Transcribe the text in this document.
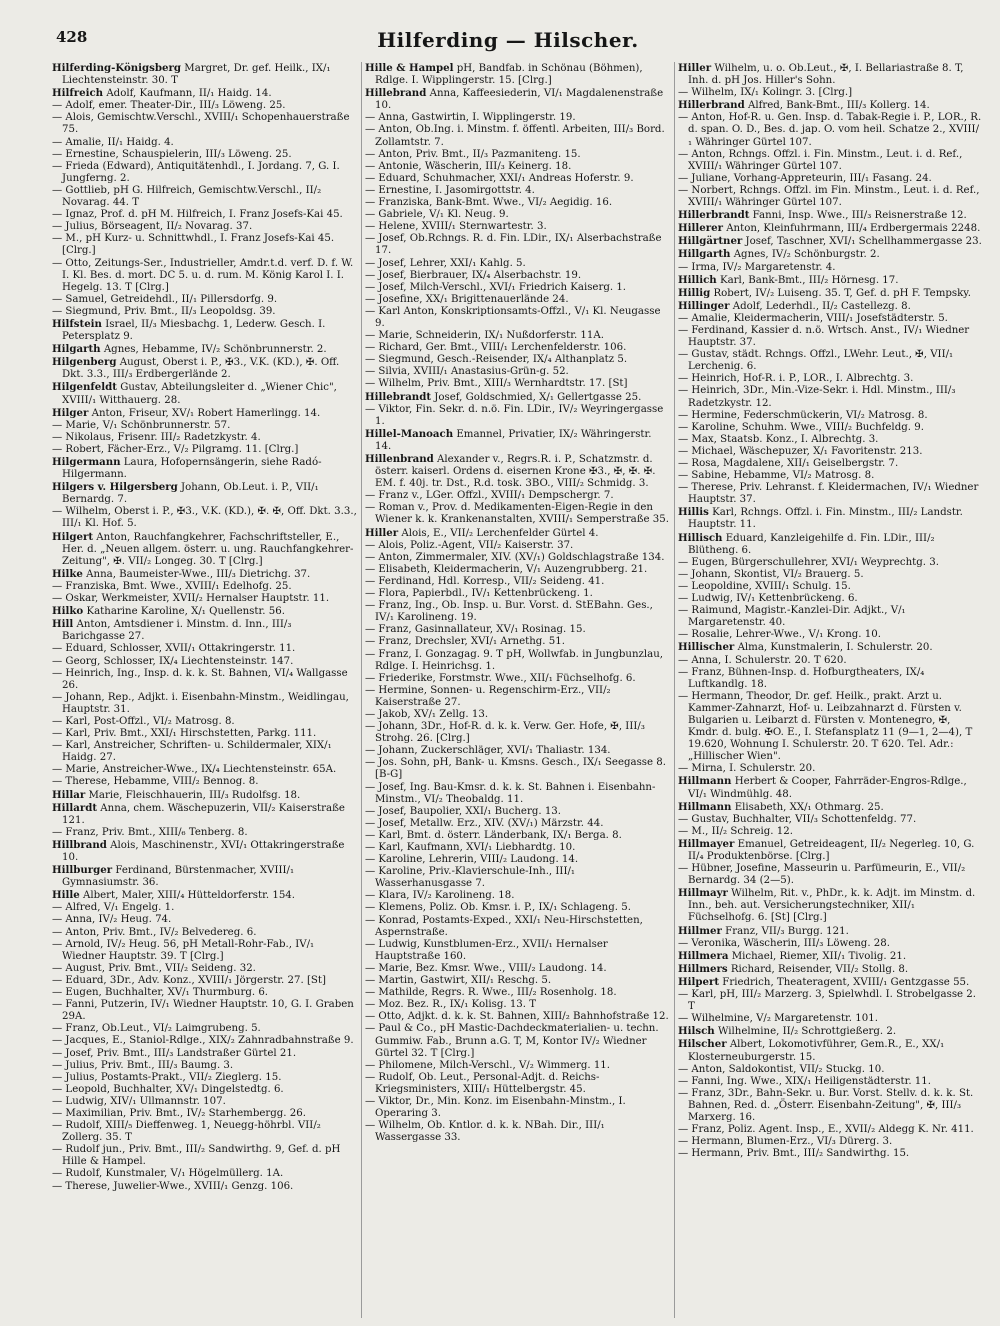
428	Hilferding — Hilscher.

Hilferding-Königsberg Margret, Dr. gef. Heilk., IX/₁ Liechtensteinstr. 30. T

Hilfreich Adolf, Kaufmann, II/₁ Haidg. 14.

— Adolf, emer. Theater-Dir., III/₃ Löweng. 25.

— Alois, Gemischtw.Verschl., XVIII/₁ Schopenhauerstraße 75.

— Amalie, II/₁ Haidg. 4.

— Ernestine, Schauspielerin, III/₃ Löweng. 25.

— Frieda (Edward), Antiquitätenhdl., I. Jordang. 7, G. I. Jungferng. 2.

— Gottlieb, pH G. Hilfreich, Gemischtw.Verschl., II/₂ Novarag. 44. T

— Ignaz, Prof. d. pH M. Hilfreich, I. Franz Josefs-Kai 45.

— Julius, Börseagent, II/₂ Novarag. 37.

— M., pH Kurz- u. Schnittwhdl., I. Franz Josefs-Kai 45. [Clrg.]

— Otto, Zeitungs-Ser., Industrieller, Amdr.t.d. verf. D. f. W. I. Kl. Bes. d. mort. DC 5. u. d. rum. M. König Karol I. I. Hegelg. 13. T [Clrg.]

— Samuel, Getreidehdl., II/₁ Pillersdorfg. 9.

— Siegmund, Priv. Bmt., II/₃ Leopoldsg. 39.

Hilfstein Israel, II/₃ Miesbachg. 1, Lederw. Gesch. I. Petersplatz 9.

Hilgarth Agnes, Hebamme, IV/₂ Schönbrunnerstr. 2.

Hilgenberg August, Oberst i. P., ✠3., V.K. (KD.), ✠. Off. Dkt. 3.3., III/₃ Erdbergerlände 2.

Hilgenfeldt Gustav, Abteilungsleiter d. „Wiener Chic", XVIII/₁ Witthauerg. 28.

Hilger Anton, Friseur, XV/₁ Robert Hamerlingg. 14.

— Marie, V/₁ Schönbrunnerstr. 57.

— Nikolaus, Frisenr. III/₂ Radetzkystr. 4.

— Robert, Fächer-Erz., V/₂ Pilgramg. 11. [Clrg.]

Hilgermann Laura, Hofopernsängerin, siehe Radó-Hilgermann.

Hilgers v. Hilgersberg Johann, Ob.Leut. i. P., VII/₁ Bernardg. 7.

— Wilhelm, Oberst i. P., ✠3., V.K. (KD.), ✠. ✠, Off. Dkt. 3.3., III/₁ Kl. Hof. 5.

Hilgert Anton, Rauchfangkehrer, Fachschriftsteller, E., Her. d. „Neuen allgem. österr. u. ung. Rauchfangkehrer-Zeitung", ✠. VII/₂ Longeg. 30. T [Clrg.]

Hilke Anna, Baumeister-Wwe., III/₃ Dietrichg. 37.

— Franziska, Bmt. Wwe., XVIII/₁ Edelhofg. 25.

— Oskar, Werkmeister, XVII/₂ Hernalser Hauptstr. 11.

Hilko Katharine Karoline, X/₁ Quellenstr. 56.

Hill Anton, Amtsdiener i. Minstm. d. Inn., III/₃ Barichgasse 27.

— Eduard, Schlosser, XVII/₁ Ottakringerstr. 11.

— Georg, Schlosser, IX/₄ Liechtensteinstr. 147.

— Heinrich, Ing., Insp. d. k. k. St. Bahnen, VI/₄ Wallgasse 26.

— Johann, Rep., Adjkt. i. Eisenbahn-Minstm., Weidlingau, Hauptstr. 31.

— Karl, Post-Offzl., VI/₂ Matrosg. 8.

— Karl, Priv. Bmt., XXI/₁ Hirschstetten, Parkg. 111.

— Karl, Anstreicher, Schriften- u. Schildermaler, XIX/₁ Haidg. 27.

— Marie, Anstreicher-Wwe., IX/₄ Liechtensteinstr. 65A.

— Therese, Hebamme, VIII/₂ Bennog. 8.

Hillar Marie, Fleischhauerin, III/₃ Rudolfsg. 18.

Hillardt Anna, chem. Wäschepuzerin, VII/₂ Kaiserstraße 121.

— Franz, Priv. Bmt., XIII/₆ Tenberg. 8.

Hillbrand Alois, Maschinenstr., XVI/₁ Ottakringerstraße 10.

Hillburger Ferdinand, Bürstenmacher, XVIII/₁ Gymnasiumstr. 36.

Hille Albert, Maler, XIII/₄ Hütteldorferstr. 154.

— Alfred, V/₁ Engelg. 1.

— Anna, IV/₂ Heug. 74.

— Anton, Priv. Bmt., IV/₂ Belvedereg. 6.

— Arnold, IV/₂ Heug. 56, pH Metall-Rohr-Fab., IV/₁ Wiedner Hauptstr. 39. T [Clrg.]

— August, Priv. Bmt., VII/₂ Seideng. 32.

— Eduard, 3Dr., Adv. Konz., XVIII/₁ Jörgerstr. 27. [St]

— Eugen, Buchhalter, XV/₁ Thurmburg. 6.

— Fanni, Putzerin, IV/₁ Wiedner Hauptstr. 10, G. I. Graben 29A.

— Franz, Ob.Leut., VI/₂ Laimgrubeng. 5.

— Jacques, E., Staniol-Rdlge., XIX/₂ Zahnradbahnstraße 9.

— Josef, Priv. Bmt., III/₃ Landstraßer Gürtel 21.

— Julius, Priv. Bmt., III/₃ Baumg. 3.

— Julius, Postamts-Prakt., VII/₂ Zieglerg. 15.

— Leopold, Buchhalter, XV/₁ Dingelstedtg. 6.

— Ludwig, XIV/₁ Ullmannstr. 107.

— Maximilian, Priv. Bmt., IV/₂ Starhembergg. 26.

— Rudolf, XIII/₅ Dieffenweg. 1, Neuegg-höhrbl. VII/₂ Zollerg. 35. T

— Rudolf jun., Priv. Bmt., III/₂ Sandwirthg. 9, Gef. d. pH Hille & Hampel.

— Rudolf, Kunstmaler, V/₁ Högelmüllerg. 1A.

— Therese, Juwelier-Wwe., XVIII/₁ Genzg. 106.

Hille & Hampel pH, Bandfab. in Schönau (Böhmen), Rdlge. I. Wipplingerstr. 15. [Clrg.]

Hillebrand Anna, Kaffeesiederin, VI/₁ Magdalenenstraße 10.

— Anna, Gastwirtin, I. Wipplingerstr. 19.

— Anton, Ob.Ing. i. Minstm. f. öffentl. Arbeiten, III/₃ Bord. Zollamtstr. 7.

— Anton, Priv. Bmt., II/₃ Pazmaniteng. 15.

— Antonie, Wäscherin, III/₃ Keinerg. 18.

— Eduard, Schuhmacher, XXI/₁ Andreas Hoferstr. 9.

— Ernestine, I. Jasomirgottstr. 4.

— Franziska, Bank-Bmt. Wwe., VI/₂ Aegidig. 16.

— Gabriele, V/₁ Kl. Neug. 9.

— Helene, XVIII/₁ Sternwartestr. 3.

— Josef, Ob.Rchngs. R. d. Fin. LDir., IX/₁ Alserbachstraße 17.

— Josef, Lehrer, XXI/₁ Kahlg. 5.

— Josef, Bierbrauer, IX/₄ Alserbachstr. 19.

— Josef, Milch-Verschl., XVI/₁ Friedrich Kaiserg. 1.

— Josefine, XX/₁ Brigittenauerlände 24.

— Karl Anton, Konskriptionsamts-Offzl., V/₁ Kl. Neugasse 9.

— Marie, Schneiderin, IX/₁ Nußdorferstr. 11A.

— Richard, Ger. Bmt., VIII/₁ Lerchenfelderstr. 106.

— Siegmund, Gesch.-Reisender, IX/₄ Althanplatz 5.

— Silvia, XVIII/₁ Anastasius-Grün-g. 52.

— Wilhelm, Priv. Bmt., XIII/₃ Wernhardtstr. 17. [St]

Hillebrandt Josef, Goldschmied, X/₁ Gellertgasse 25.

— Viktor, Fin. Sekr. d. n.ö. Fin. LDir., IV/₂ Weyringergasse 1.

Hillel-Manoach Emannel, Privatier, IX/₂ Währingerstr. 14.

Hillenbrand Alexander v., Regrs.R. i. P., Schatzmstr. d. österr. kaiserl. Ordens d. eisernen Krone ✠3., ✠, ✠. ✠. EM. f. 40j. tr. Dst., R.d. tosk. 3BO., VIII/₂ Schmidg. 3.

— Franz v., LGer. Offzl., XVIII/₁ Dempschergr. 7.

— Roman v., Prov. d. Medikamenten-Eigen-Regie in den Wiener k. k. Krankenanstalten, XVIII/₁ Semperstraße 35.

Hiller Alois, E., VII/₂ Lerchenfelder Gürtel 4.

— Alois, Poliz.-Agent, VII/₂ Kaiserstr. 37.

— Anton, Zimmermaler, XIV. (XV/₁) Goldschlagstraße 134.

— Elisabeth, Kleidermacherin, V/₁ Auzengrubberg. 21.

— Ferdinand, Hdl. Korresp., VII/₂ Seideng. 41.

— Flora, Papierbdl., IV/₁ Kettenbrückeng. 1.

— Franz, Ing., Ob. Insp. u. Bur. Vorst. d. StEBahn. Ges., IV/₁ Karolineng. 19.

— Franz, Gasinnallateur, XV/₁ Rosinag. 15.

— Franz, Drechsler, XVI/₁ Arnethg. 51.

— Franz, I. Gonzagag. 9. T pH, Wollwfab. in Jungbunzlau, Rdlge. I. Heinrichsg. 1.

— Friederike, Forstmstr. Wwe., XII/₁ Füchselhofg. 6.

— Hermine, Sonnen- u. Regenschirm-Erz., VII/₂ Kaiserstraße 27.

— Jakob, XV/₁ Zellg. 13.

— Johann, 3Dr., Hof-R. d. k. k. Verw. Ger. Hofe, ✠, III/₃ Strohg. 26. [Clrg.]

— Johann, Zuckerschläger, XVI/₁ Thaliastr. 134.

— Jos. Sohn, pH, Bank- u. Kmsns. Gesch., IX/₁ Seegasse 8. [B-G]

— Josef, Ing. Bau-Kmsr. d. k. k. St. Bahnen i. Eisenbahn-Minstm., VI/₂ Theobaldg. 11.

— Josef, Baupolier, XXI/₁ Bucherg. 13.

— Josef, Metallw. Erz., XIV. (XV/₁) Märzstr. 44.

— Karl, Bmt. d. österr. Länderbank, IX/₁ Berga. 8.

— Karl, Kaufmann, XVI/₁ Liebhardtg. 10.

— Karoline, Lehrerin, VIII/₂ Laudong. 14.

— Karoline, Priv.-Klavierschule-Inh., III/₁ Wasserhanusgasse 7.

— Klara, IV/₂ Karolineng. 18.

— Klemens, Poliz. Ob. Kmsr. i. P., IX/₁ Schlageng. 5.

— Konrad, Postamts-Exped., XXI/₁ Neu-Hirschstetten, Aspernstraße.

— Ludwig, Kunstblumen-Erz., XVII/₁ Hernalser Hauptstraße 160.

— Marie, Bez. Kmsr. Wwe., VIII/₂ Laudong. 14.

— Martin, Gastwirt, XII/₁ Reschg. 5.

— Mathilde, Regrs. R. Wwe., III/₂ Rosenholg. 18.

— Moz. Bez. R., IX/₁ Kolisg. 13. T

— Otto, Adjkt. d. k. k. St. Bahnen, XIII/₂ Bahnhofstraße 12.

— Paul & Co., pH Mastic-Dachdeckmaterialien- u. techn. Gummiw. Fab., Brunn a.G. T, M, Kontor IV/₂ Wiedner Gürtel 32. T [Clrg.]

— Philomene, Milch-Verschl., V/₂ Wimmerg. 11.

— Rudolf, Ob. Leut., Personal-Adjt. d. Reichs-Kriegsministers, XIII/₁ Hüttelbergstr. 45.

— Viktor, Dr., Min. Konz. im Eisenbahn-Minstm., I. Operaring 3.

— Wilhelm, Ob. Kntlor. d. k. k. NBah. Dir., III/₁ Wassergasse 33.

Hiller Wilhelm, u. o. Ob.Leut., ✠, I. Bellariastraße 8. T, Inh. d. pH Jos. Hiller's Sohn.

— Wilhelm, IX/₁ Kolingr. 3. [Clrg.]

Hillerbrand Alfred, Bank-Bmt., III/₃ Kollerg. 14.

— Anton, Hof-R. u. Gen. Insp. d. Tabak-Regie i. P., LOR., R. d. span. O. D., Bes. d. jap. O. vom heil. Schatze 2., XVIII/₁ Währinger Gürtel 107.

— Anton, Rchngs. Offzl. i. Fin. Minstm., Leut. i. d. Ref., XVIII/₁ Währinger Gürtel 107.

— Juliane, Vorhang-Appreteurin, III/₁ Fasang. 24.

— Norbert, Rchngs. Offzl. im Fin. Minstm., Leut. i. d. Ref., XVIII/₁ Währinger Gürtel 107.

Hillerbrandt Fanni, Insp. Wwe., III/₃ Reisnerstraße 12.

Hillerer Anton, Kleinfuhrmann, III/₄ Erdbergermais 2248.

Hillgärtner Josef, Taschner, XVI/₁ Schellhammergasse 23.

Hillgarth Agnes, IV/₂ Schönburgstr. 2.

— Irma, IV/₂ Margaretenstr. 4.

Hillich Karl, Bank-Bmt., III/₂ Hörnesg. 17.

Hillig Robert, IV/₂ Luiseng. 35. T, Gef. d. pH F. Tempsky.

Hillinger Adolf, Lederhdl., II/₂ Castellezg. 8.

— Amalie, Kleidermacherin, VIII/₁ Josefstädterstr. 5.

— Ferdinand, Kassier d. n.ö. Wrtsch. Anst., IV/₁ Wiedner Hauptstr. 37.

— Gustav, städt. Rchngs. Offzl., LWehr. Leut., ✠, VII/₁ Lerchenig. 6.

— Heinrich, Hof-R. i. P., LOR., I. Albrechtg. 3.

— Heinrich, 3Dr., Min.-Vize-Sekr. i. Hdl. Minstm., III/₃ Radetzkystr. 12.

— Hermine, Federschmückerin, VI/₂ Matrosg. 8.

— Karoline, Schuhm. Wwe., VIII/₂ Buchfeldg. 9.

— Max, Staatsb. Konz., I. Albrechtg. 3.

— Michael, Wäschepuzer, X/₁ Favoritenstr. 213.

— Rosa, Magdalene, XII/₁ Geiselbergstr. 7.

— Sabine, Hebamme, VI/₂ Matrosg. 8.

— Therese, Priv. Lehranst. f. Kleidermachen, IV/₁ Wiedner Hauptstr. 37.

Hillis Karl, Rchngs. Offzl. i. Fin. Minstm., III/₂ Landstr. Hauptstr. 11.

Hillisch Eduard, Kanzleigehilfe d. Fin. LDir., III/₂ Blütheng. 6.

— Eugen, Bürgerschullehrer, XVI/₁ Weyprechtg. 3.

— Johann, Skontist, VI/₂ Brauerg. 5.

— Leopoldine, XVIII/₁ Schulg. 15.

— Ludwig, IV/₁ Kettenbrückeng. 6.

— Raimund, Magistr.-Kanzlei-Dir. Adjkt., V/₁ Margaretenstr. 40.

— Rosalie, Lehrer-Wwe., V/₁ Krong. 10.

Hillischer Alma, Kunstmalerin, I. Schulerstr. 20.

— Anna, I. Schulerstr. 20. T 620.

— Franz, Bühnen-Insp. d. Hofburgtheaters, IX/₄ Luftkandlg. 18.

— Hermann, Theodor, Dr. gef. Heilk., prakt. Arzt u. Kammer-Zahnarzt, Hof- u. Leibzahnarzt d. Fürsten v. Bulgarien u. Leibarzt d. Fürsten v. Montenegro, ✠, Kmdr. d. bulg. ✠O. E., I. Stefansplatz 11 (9—1, 2—4), T 19.620, Wohnung I. Schulerstr. 20. T 620. Tel. Adr.: „Hillischer Wien".

— Mirna, I. Schulerstr. 20.

Hillmann Herbert & Cooper, Fahrräder-Engros-Rdlge., VI/₁ Windmühlg. 48.

Hillmann Elisabeth, XX/₁ Othmarg. 25.

— Gustav, Buchhalter, VII/₃ Schottenfeldg. 77.

— M., II/₂ Schreig. 12.

Hillmayer Emanuel, Getreideagent, II/₂ Negerleg. 10, G. II/₄ Produktenbörse. [Clrg.]

— Hübner, Josefine, Masseurin u. Parfümeurin, E., VII/₂ Bernardg. 34 (2—5).

Hillmayr Wilhelm, Rit. v., PhDr., k. k. Adjt. im Minstm. d. Inn., beh. aut. Versicherungstechniker, XII/₁ Füchselhofg. 6. [St] [Clrg.]

Hillmer Franz, VII/₃ Burgg. 121.

— Veronika, Wäscherin, III/₃ Löweng. 28.

Hillmera Michael, Riemer, XII/₁ Tivolig. 21.

Hillmers Richard, Reisender, VII/₂ Stollg. 8.

Hilpert Friedrich, Theateragent, XVIII/₁ Gentzgasse 55.

— Karl, pH, III/₂ Marzerg. 3, Spielwhdl. I. Strobelgasse 2. T

— Wilhelmine, V/₂ Margaretenstr. 101.

Hilsch Wilhelmine, II/₂ Schrottgießerg. 2.

Hilscher Albert, Lokomotivführer, Gem.R., E., XX/₁ Klosterneuburgerstr. 15.

— Anton, Saldokontist, VII/₂ Stuckg. 10.

— Fanni, Ing. Wwe., XIX/₁ Heiligenstädterstr. 11.

— Franz, 3Dr., Bahn-Sekr. u. Bur. Vorst. Stellv. d. k. k. St. Bahnen, Red. d. „Österr. Eisenbahn-Zeitung", ✠, III/₃ Marxerg. 16.

— Franz, Poliz. Agent. Insp., E., XVII/₂ Aldegg K. Nr. 411.

— Hermann, Blumen-Erz., VI/₃ Dürerg. 3.

— Hermann, Priv. Bmt., III/₂ Sandwirthg. 15.
